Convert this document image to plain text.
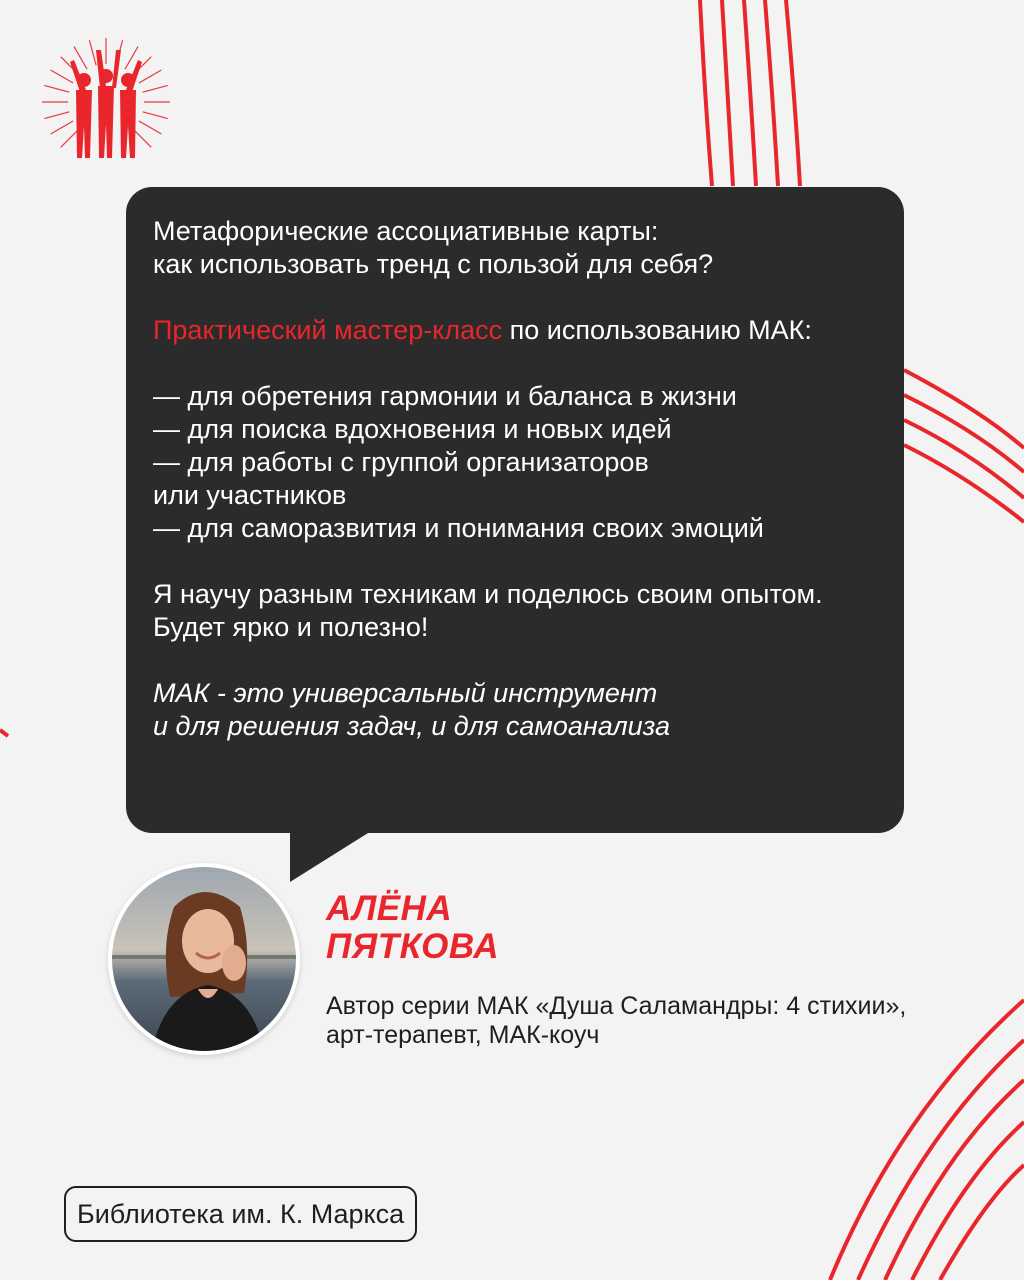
Метафорические ассоциативные карты:

как использовать тренд с пользой для себя?

Практический мастер-класс по использованию МАК:

— для обретения гармонии и баланса в жизни

— для поиска вдохновения и новых идей

— для работы с группой организаторов

или участников

— для саморазвития и понимания своих эмоций

Я научу разным техникам и поделюсь своим опытом.

Будет ярко и полезно!

МАК - это универсальный инструмент

и для решения задач, и для самоанализа

АЛЁНА
ПЯТКОВА

Автор серии МАК «Душа Саламандры: 4 стихии»,
арт-терапевт, МАК-коуч

Библиотека им. К. Маркса
